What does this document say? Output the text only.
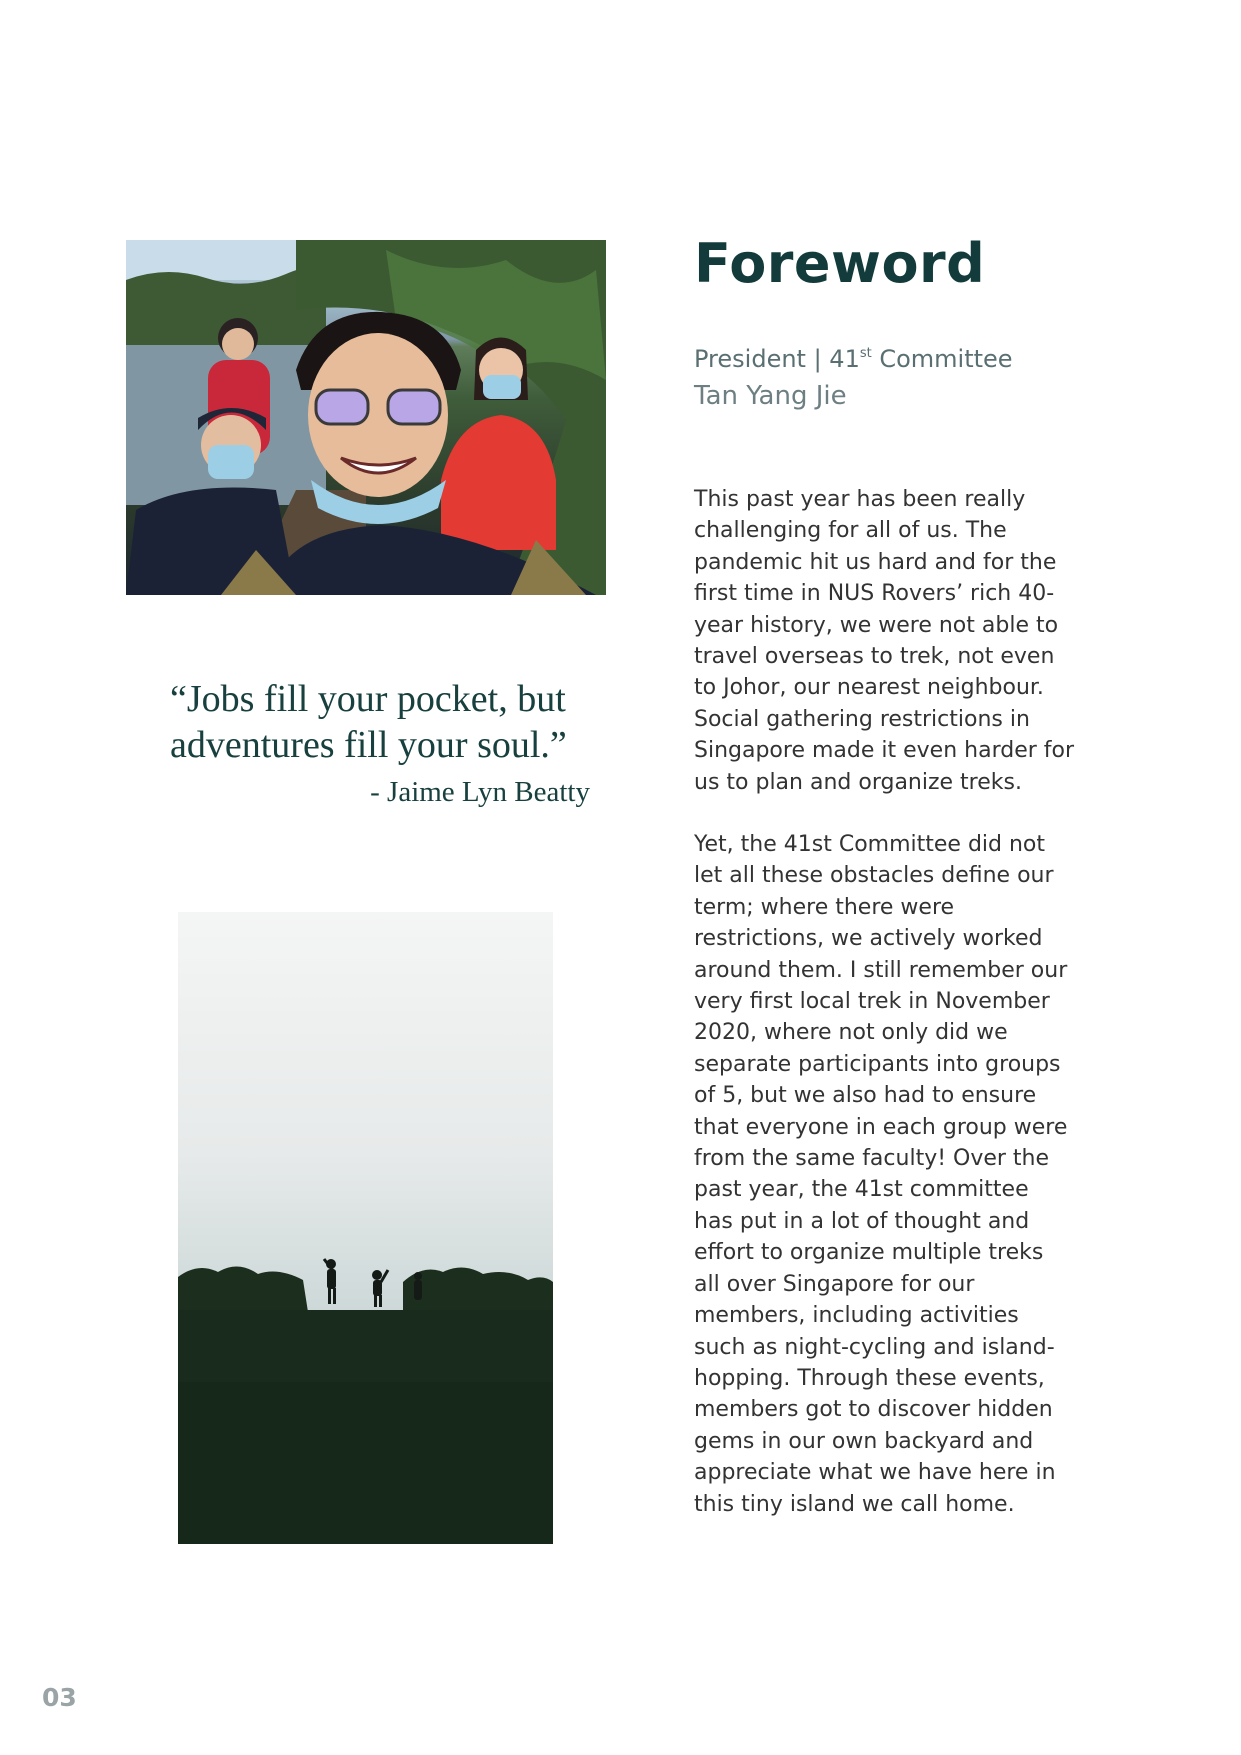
“Jobs fill your pocket, but adventures fill your soul.”
- Jaime Lyn Beatty
Foreword
President | 41st Committee
Tan Yang Jie
This past year has been really challenging for all of us. The pandemic hit us hard and for the first time in NUS Rovers’ rich 40-year history, we were not able to travel overseas to trek, not even to Johor, our nearest neighbour. Social gathering restrictions in Singapore made it even harder for us to plan and organize treks.
Yet, the 41st Committee did not let all these obstacles define our term; where there were restrictions, we actively worked around them. I still remember our very first local trek in November 2020, where not only did we separate participants into groups of 5, but we also had to ensure that everyone in each group were from the same faculty! Over the past year, the 41st committee has put in a lot of thought and effort to organize multiple treks all over Singapore for our members, including activities such as night-cycling and island-hopping. Through these events, members got to discover hidden gems in our own backyard and appreciate what we have here in this tiny island we call home.
03
